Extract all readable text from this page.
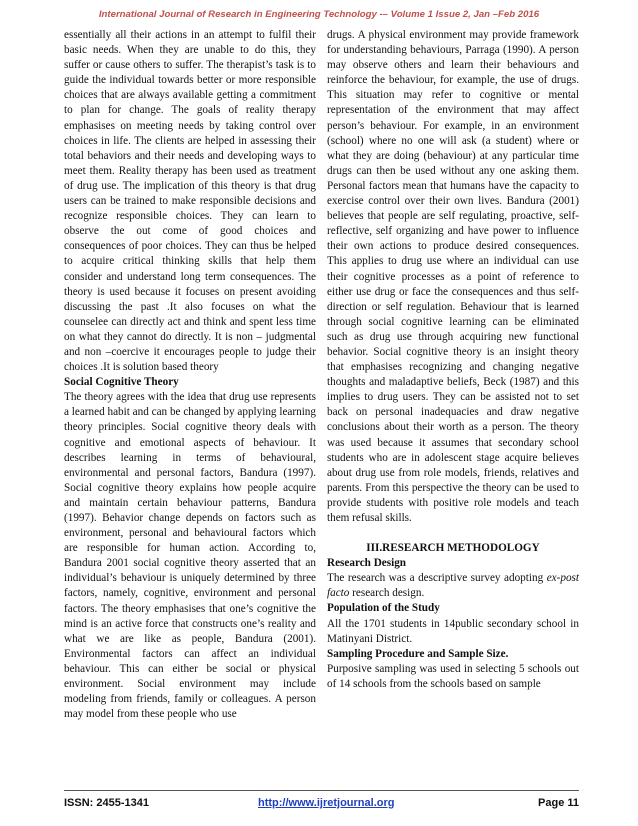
International Journal of Research in Engineering Technology -– Volume 1 Issue 2, Jan –Feb 2016

essentially all their actions in an attempt to fulfil their basic needs. When they are unable to do this, they suffer or cause others to suffer. The therapist’s task is to guide the individual towards better or more responsible choices that are always available getting a commitment to plan for change. The goals of reality therapy emphasises on meeting needs by taking control over choices in life. The clients are helped in assessing their total behaviors and their needs and developing ways to meet them. Reality therapy has been used as treatment of drug use. The implication of this theory is that drug users can be trained to make responsible decisions and recognize responsible choices. They can learn to observe the out come of good choices and consequences of poor choices. They can thus be helped to acquire critical thinking skills that help them consider and understand long term consequences. The theory is used because it focuses on present avoiding discussing the past .It also focuses on what the counselee can directly act and think and spent less time on what they cannot do directly. It is non – judgmental and non –coercive it encourages people to judge their choices .It is solution based theory

Social Cognitive Theory

The theory agrees with the idea that drug use represents a learned habit and can be changed by applying learning theory principles. Social cognitive theory deals with cognitive and emotional aspects of behaviour. It describes learning in terms of behavioural, environmental and personal factors, Bandura (1997). Social cognitive theory explains how people acquire and maintain certain behaviour patterns, Bandura (1997). Behavior change depends on factors such as environment, personal and behavioural factors which are responsible for human action. According to, Bandura 2001 social cognitive theory asserted that an individual’s behaviour is uniquely determined by three factors, namely, cognitive, environment and personal factors. The theory emphasises that one’s cognitive the mind is an active force that constructs one’s reality and what we are like as people, Bandura (2001). Environmental factors can affect an individual behaviour. This can either be social or physical environment. Social environment may include modeling from friends, family or colleagues. A person may model from these people who use

drugs. A physical environment may provide framework for understanding behaviours, Parraga (1990). A person may observe others and learn their behaviours and reinforce the behaviour, for example, the use of drugs. This situation may refer to cognitive or mental representation of the environment that may affect person’s behaviour. For example, in an environment (school) where no one will ask (a student) where or what they are doing (behaviour) at any particular time drugs can then be used without any one asking them. Personal factors mean that humans have the capacity to exercise control over their own lives. Bandura (2001) believes that people are self regulating, proactive, self-reflective, self organizing and have power to influence their own actions to produce desired consequences. This applies to drug use where an individual can use their cognitive processes as a point of reference to either use drug or face the consequences and thus self-direction or self regulation. Behaviour that is learned through social cognitive learning can be eliminated such as drug use through acquiring new functional behavior. Social cognitive theory is an insight theory that emphasises recognizing and changing negative thoughts and maladaptive beliefs, Beck (1987) and this implies to drug users. They can be assisted not to set back on personal inadequacies and draw negative conclusions about their worth as a person. The theory was used because it assumes that secondary school students who are in adolescent stage acquire believes about drug use from role models, friends, relatives and parents. From this perspective the theory can be used to provide students with positive role models and teach them refusal skills.

III.RESEARCH METHODOLOGY

Research Design

The research was a descriptive survey adopting ex-post facto research design.

Population of the Study

All the 1701 students in 14public secondary school in Matinyani District.

Sampling Procedure and Sample Size.

Purposive sampling was used in selecting 5 schools out of 14 schools from the schools based on sample

ISSN: 2455-1341	http://www.ijretjournal.org	Page 11
